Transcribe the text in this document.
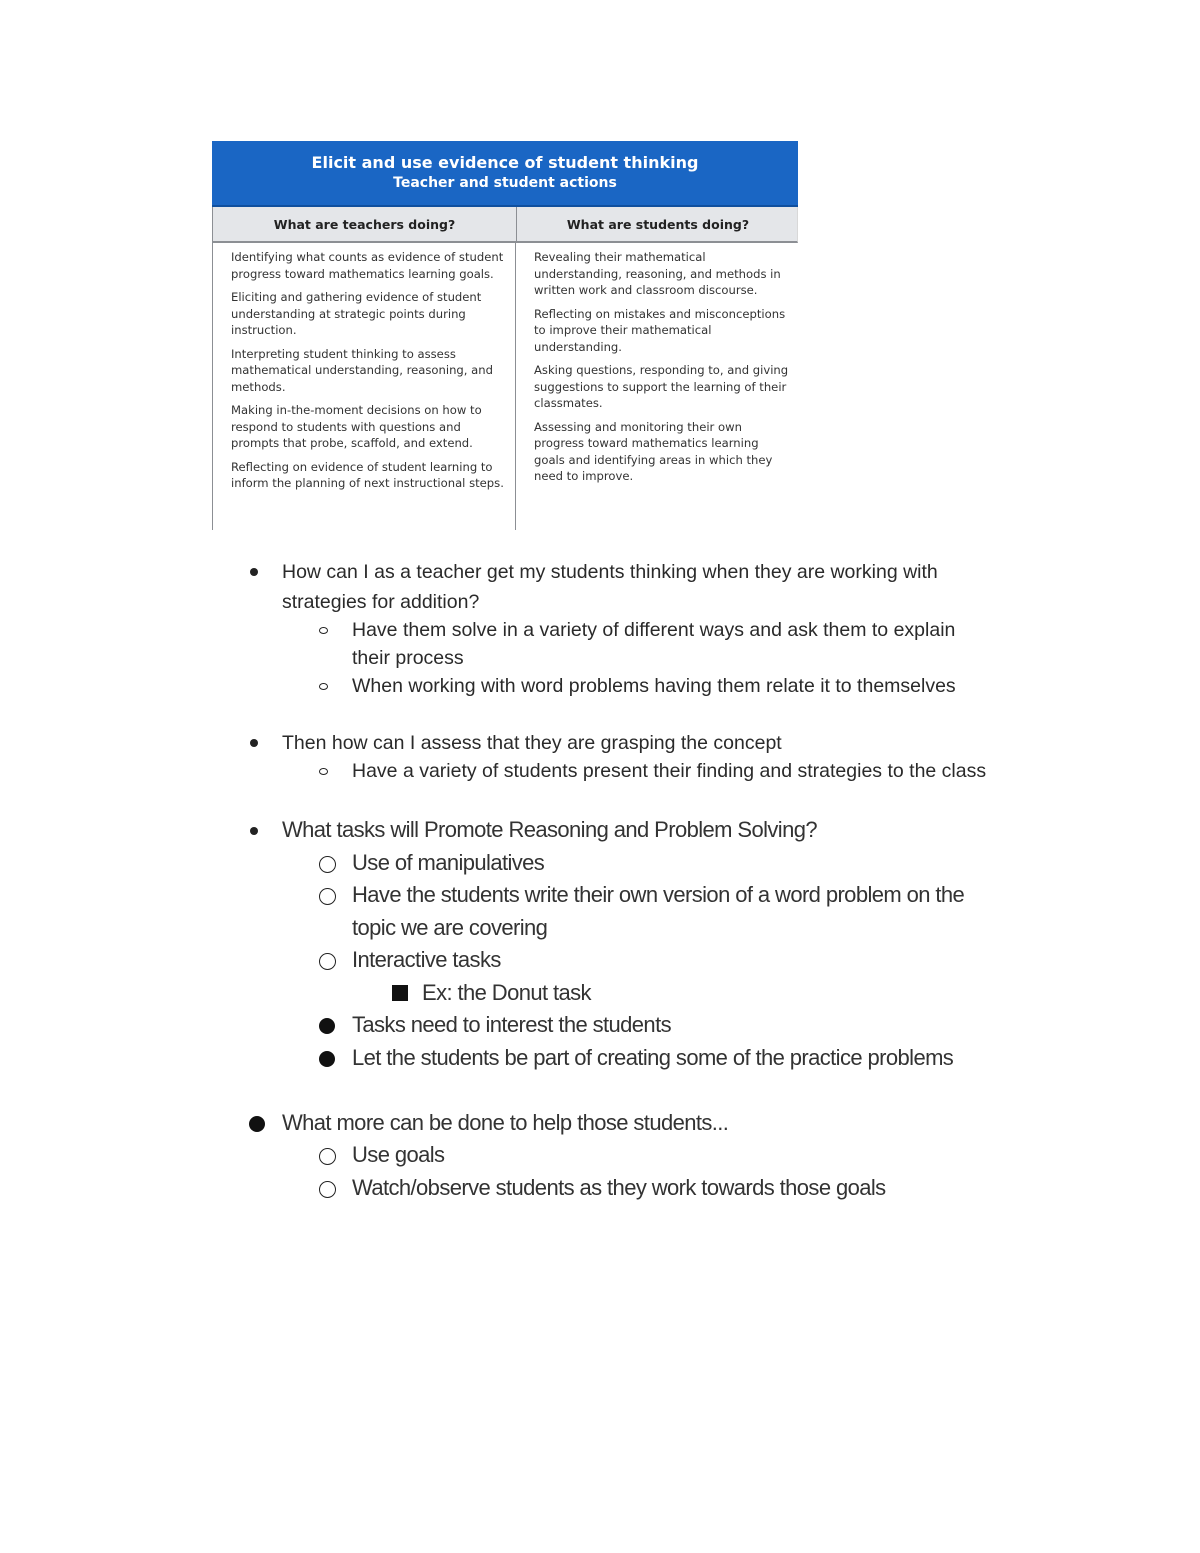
Elicit and use evidence of student thinking
Teacher and student actions
What are teachers doing?	What are students doing?

Identifying what counts as evidence of student progress toward mathematics learning goals.

Eliciting and gathering evidence of student understanding at strategic points during instruction.

Interpreting student thinking to assess mathematical understanding, reasoning, and methods.

Making in-the-moment decisions on how to respond to students with questions and prompts that probe, scaffold, and extend.

Reflecting on evidence of student learning to inform the planning of next instructional steps.

Revealing their mathematical understanding, reasoning, and methods in written work and classroom discourse.

Reflecting on mistakes and misconceptions to improve their mathematical understanding.

Asking questions, responding to, and giving suggestions to support the learning of their classmates.

Assessing and monitoring their own progress toward mathematics learning goals and identifying areas in which they need to improve.

How can I as a teacher get my students thinking when they are working with
strategies for addition?
Have them solve in a variety of different ways and ask them to explain
their process
When working with word problems having them relate it to themselves
Then how can I assess that they are grasping the concept
Have a variety of students present their finding and strategies to the class
What tasks will Promote Reasoning and Problem Solving?
Use of manipulatives
Have the students write their own version of a word problem on the
topic we are covering
Interactive tasks
Ex: the Donut task
Tasks need to interest the students
Let the students be part of creating some of the practice problems
What more can be done to help those students...
Use goals
Watch/observe students as they work towards those goals
